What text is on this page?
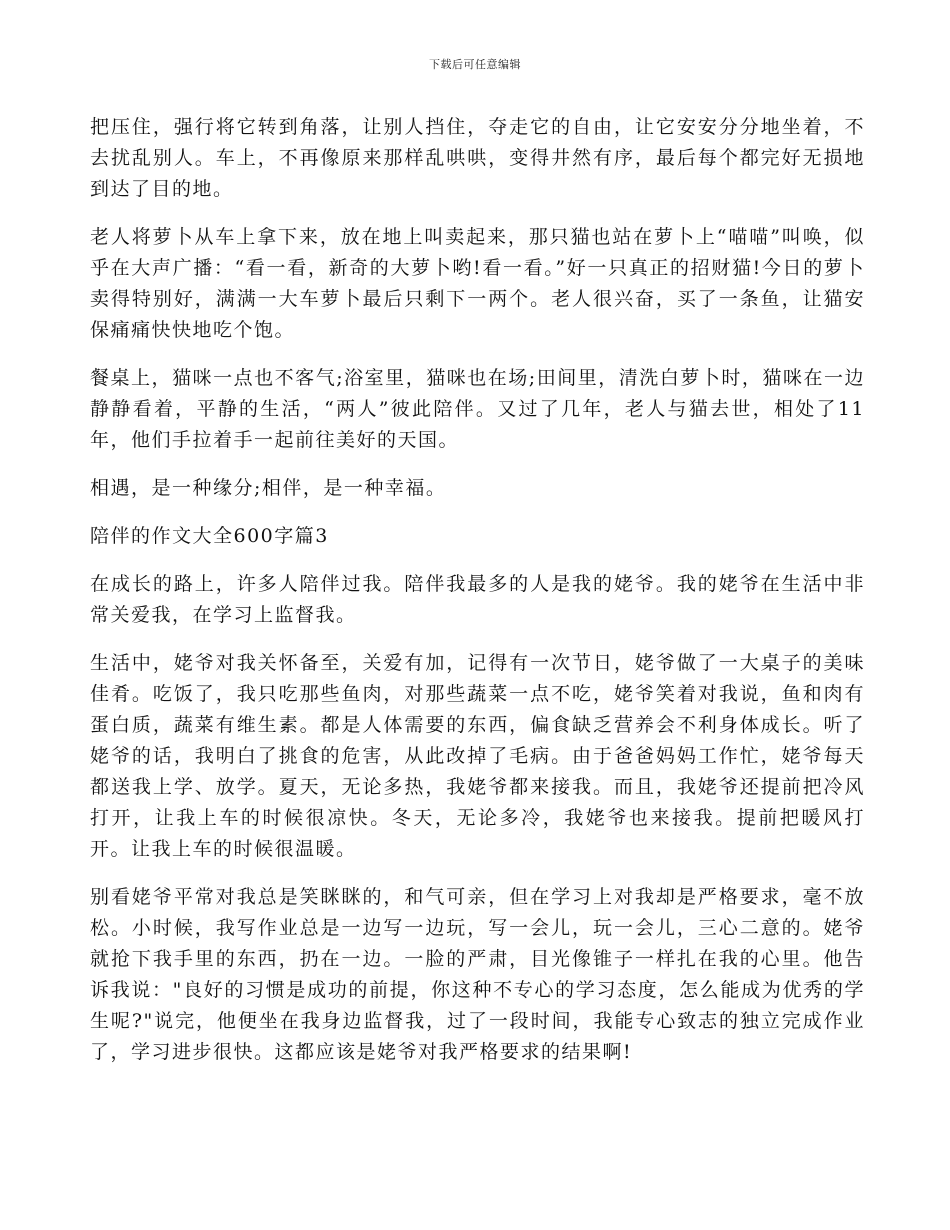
下载后可任意编辑

把压住，强行将它转到角落，让别人挡住，夺走它的自由，让它安安分分地坐着，不去扰乱别人。车上，不再像原来那样乱哄哄，变得井然有序，最后每个都完好无损地到达了目的地。

老人将萝卜从车上拿下来，放在地上叫卖起来，那只猫也站在萝卜上“喵喵”叫唤，似乎在大声广播：“看一看，新奇的大萝卜哟!看一看。”好一只真正的招财猫!今日的萝卜卖得特别好，满满一大车萝卜最后只剩下一两个。老人很兴奋，买了一条鱼，让猫安保痛痛快快地吃个饱。

餐桌上，猫咪一点也不客气;浴室里，猫咪也在场;田间里，清洗白萝卜时，猫咪在一边静静看着，平静的生活，“两人”彼此陪伴。又过了几年，老人与猫去世，相处了11年，他们手拉着手一起前往美好的天国。

相遇，是一种缘分;相伴，是一种幸福。

陪伴的作文大全600字篇3

在成长的路上，许多人陪伴过我。陪伴我最多的人是我的姥爷。我的姥爷在生活中非常关爱我，在学习上监督我。

生活中，姥爷对我关怀备至，关爱有加，记得有一次节日，姥爷做了一大桌子的美味佳肴。吃饭了，我只吃那些鱼肉，对那些蔬菜一点不吃，姥爷笑着对我说，鱼和肉有蛋白质，蔬菜有维生素。都是人体需要的东西，偏食缺乏营养会不利身体成长。听了姥爷的话，我明白了挑食的危害，从此改掉了毛病。由于爸爸妈妈工作忙，姥爷每天都送我上学、放学。夏天，无论多热，我姥爷都来接我。而且，我姥爷还提前把冷风打开，让我上车的时候很凉快。冬天，无论多冷，我姥爷也来接我。提前把暖风打开。让我上车的时候很温暖。

别看姥爷平常对我总是笑眯眯的，和气可亲，但在学习上对我却是严格要求，毫不放松。小时候，我写作业总是一边写一边玩，写一会儿，玩一会儿，三心二意的。姥爷就抢下我手里的东西，扔在一边。一脸的严肃，目光像锥子一样扎在我的心里。他告诉我说："良好的习惯是成功的前提，你这种不专心的学习态度，怎么能成为优秀的学生呢?"说完，他便坐在我身边监督我，过了一段时间，我能专心致志的独立完成作业了，学习进步很快。这都应该是姥爷对我严格要求的结果啊!
